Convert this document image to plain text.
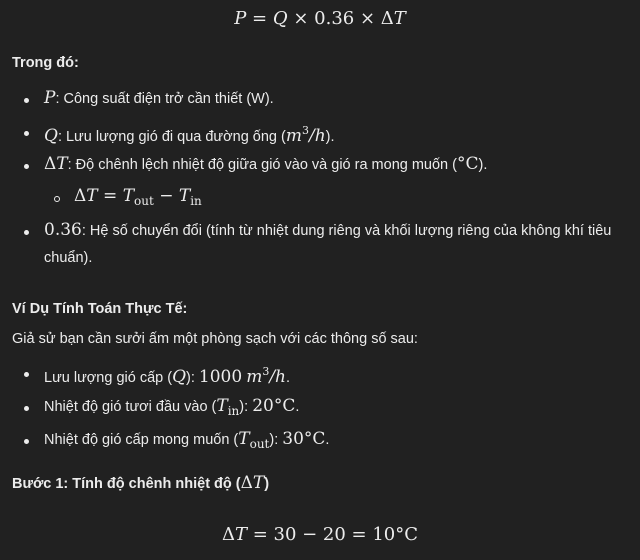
P = Q × 0.36 × ΔT
Trong đó:
P: Công suất điện trở cần thiết (W).
Q: Lưu lượng gió đi qua đường ống $(m^3/h)$.
ΔT: Độ chênh lệch nhiệt độ giữa gió vào và gió ra mong muốn (°C).
$\Delta T = T_{out} - T_{in}$
0.36: Hệ số chuyển đổi (tính từ nhiệt dung riêng và khối lượng riêng của không khí tiêu
chuẩn).
Ví Dụ Tính Toán Thực Tế:
Giả sử bạn cần sưởi ấm một phòng sạch với các thông số sau:
Lưu lượng gió cấp (Q): 1000 $m^3/h$.
Nhiệt độ gió tươi đầu vào $(T_{in})$: 20°C.
Nhiệt độ gió cấp mong muốn $(T_{out})$: 30°C.
Bước 1: Tính độ chênh nhiệt độ (ΔT)
ΔT = 30 − 20 = 10°C
